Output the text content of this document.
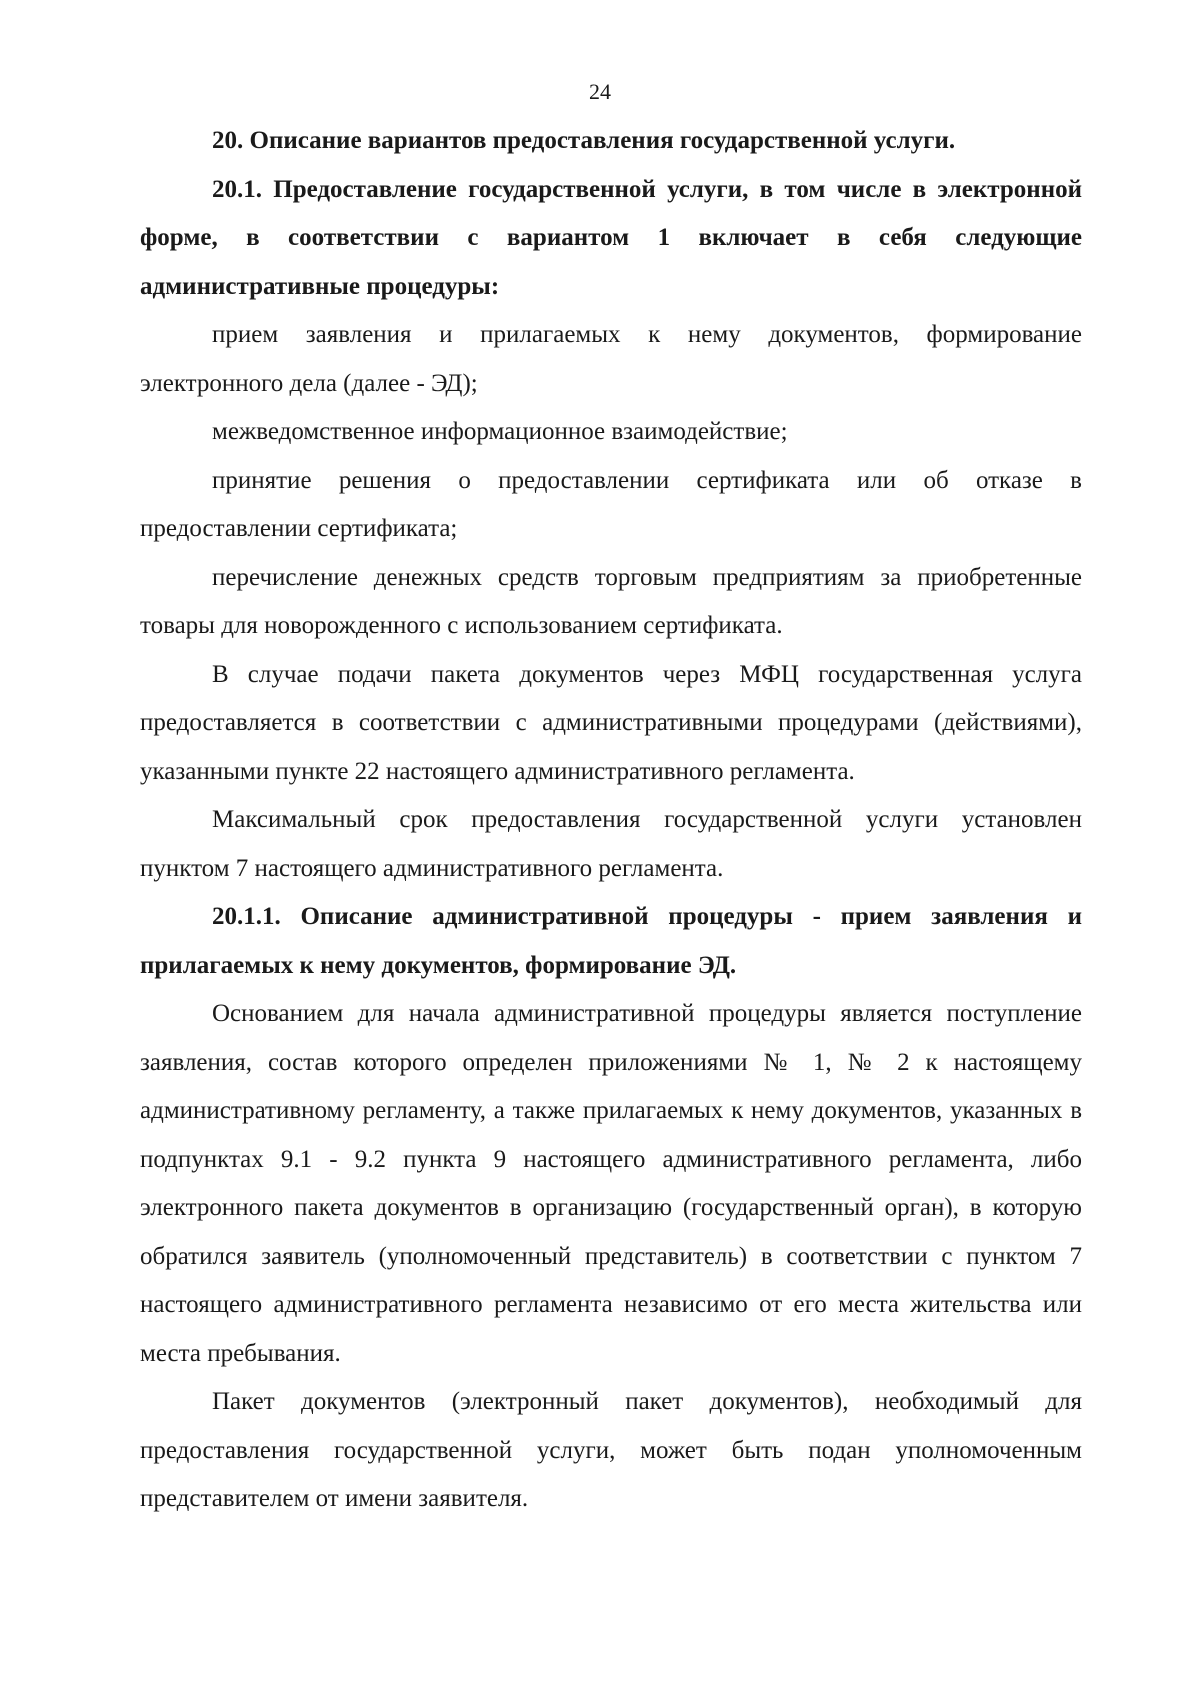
24

20. Описание вариантов предоставления государственной услуги.

20.1. Предоставление государственной услуги, в том числе в электронной форме, в соответствии с вариантом 1 включает в себя следующие административные процедуры:

прием заявления и прилагаемых к нему документов, формирование электронного дела (далее - ЭД);

межведомственное информационное взаимодействие;

принятие решения о предоставлении сертификата или об отказе в предоставлении сертификата;

перечисление денежных средств торговым предприятиям за приобретенные товары для новорожденного с использованием сертификата.

В случае подачи пакета документов через МФЦ государственная услуга предоставляется в соответствии с административными процедурами (действиями), указанными пункте 22 настоящего административного регламента.

Максимальный срок предоставления государственной услуги установлен пунктом 7 настоящего административного регламента.

20.1.1. Описание административной процедуры - прием заявления и прилагаемых к нему документов, формирование ЭД.

Основанием для начала административной процедуры является поступление заявления, состав которого определен приложениями № 1, № 2 к настоящему административному регламенту, а также прилагаемых к нему документов, указанных в подпунктах 9.1 - 9.2 пункта 9 настоящего административного регламента, либо электронного пакета документов в организацию (государственный орган), в которую обратился заявитель (уполномоченный представитель) в соответствии с пунктом 7 настоящего административного регламента независимо от его места жительства или места пребывания.

Пакет документов (электронный пакет документов), необходимый для предоставления государственной услуги, может быть подан уполномоченным представителем от имени заявителя.
